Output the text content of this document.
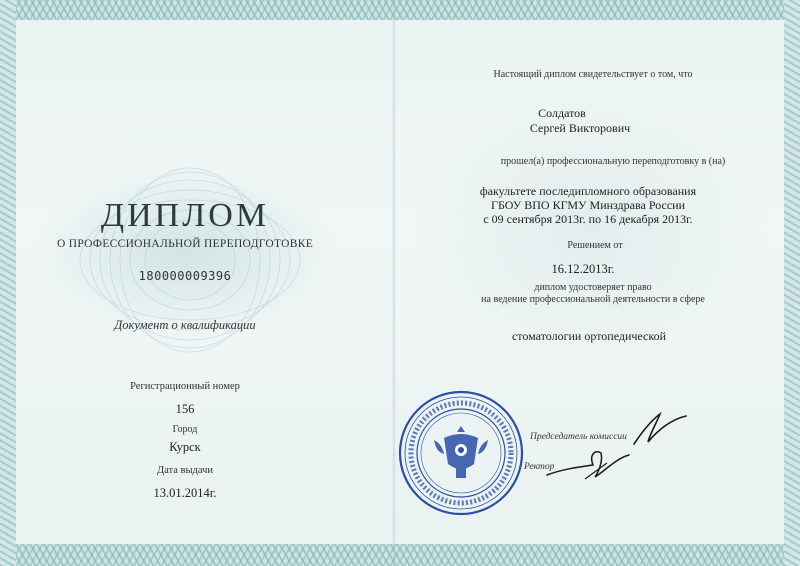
ДИПЛОМ
О ПРОФЕССИОНАЛЬНОЙ ПЕРЕПОДГОТОВКЕ
180000009396
Документ о квалификации
Регистрационный номер
156
Город
Курск
Дата выдачи
13.01.2014г.
Настоящий диплом свидетельствует о том, что
Солдатов
Сергей Викторович
прошел(а) профессиональную переподготовку в (на)
факультете последипломного образования
ГБОУ ВПО КГМУ Минздрава России
с 09 сентября 2013г. по 16 декабря 2013г.
Решением от
16.12.2013г.
диплом удостоверяет право
на ведение профессиональной деятельности в сфере
стоматологии ортопедической
Председатель комиссии
Ректор
